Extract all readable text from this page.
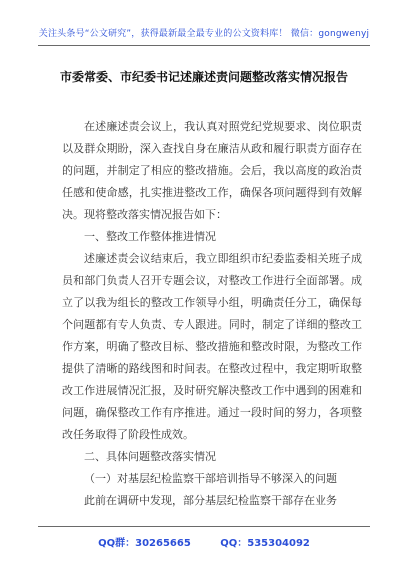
关注头条号“公文研究”，获得最新最全最专业的公文资料库！ 微信：gongwenyj
市委常委、市纪委书记述廉述责问题整改落实情况报告

在述廉述责会议上，我认真对照党纪党规要求、岗位职责以及群众期盼，深入查找自身在廉洁从政和履行职责方面存在的问题，并制定了相应的整改措施。会后，我以高度的政治责任感和使命感，扎实推进整改工作，确保各项问题得到有效解决。现将整改落实情况报告如下：

一、整改工作整体推进情况

述廉述责会议结束后，我立即组织市纪委监委相关班子成员和部门负责人召开专题会议，对整改工作进行全面部署。成立了以我为组长的整改工作领导小组，明确责任分工，确保每个问题都有专人负责、专人跟进。同时，制定了详细的整改工作方案，明确了整改目标、整改措施和整改时限，为整改工作提供了清晰的路线图和时间表。在整改过程中，我定期听取整改工作进展情况汇报，及时研究解决整改工作中遇到的困难和问题，确保整改工作有序推进。通过一段时间的努力，各项整改任务取得了阶段性成效。

二、具体问题整改落实情况
（一）对基层纪检监察干部培训指导不够深入的问题

此前在调研中发现，部分基层纪检监察干部存在业务

QQ群：30265665	QQ：535304092
